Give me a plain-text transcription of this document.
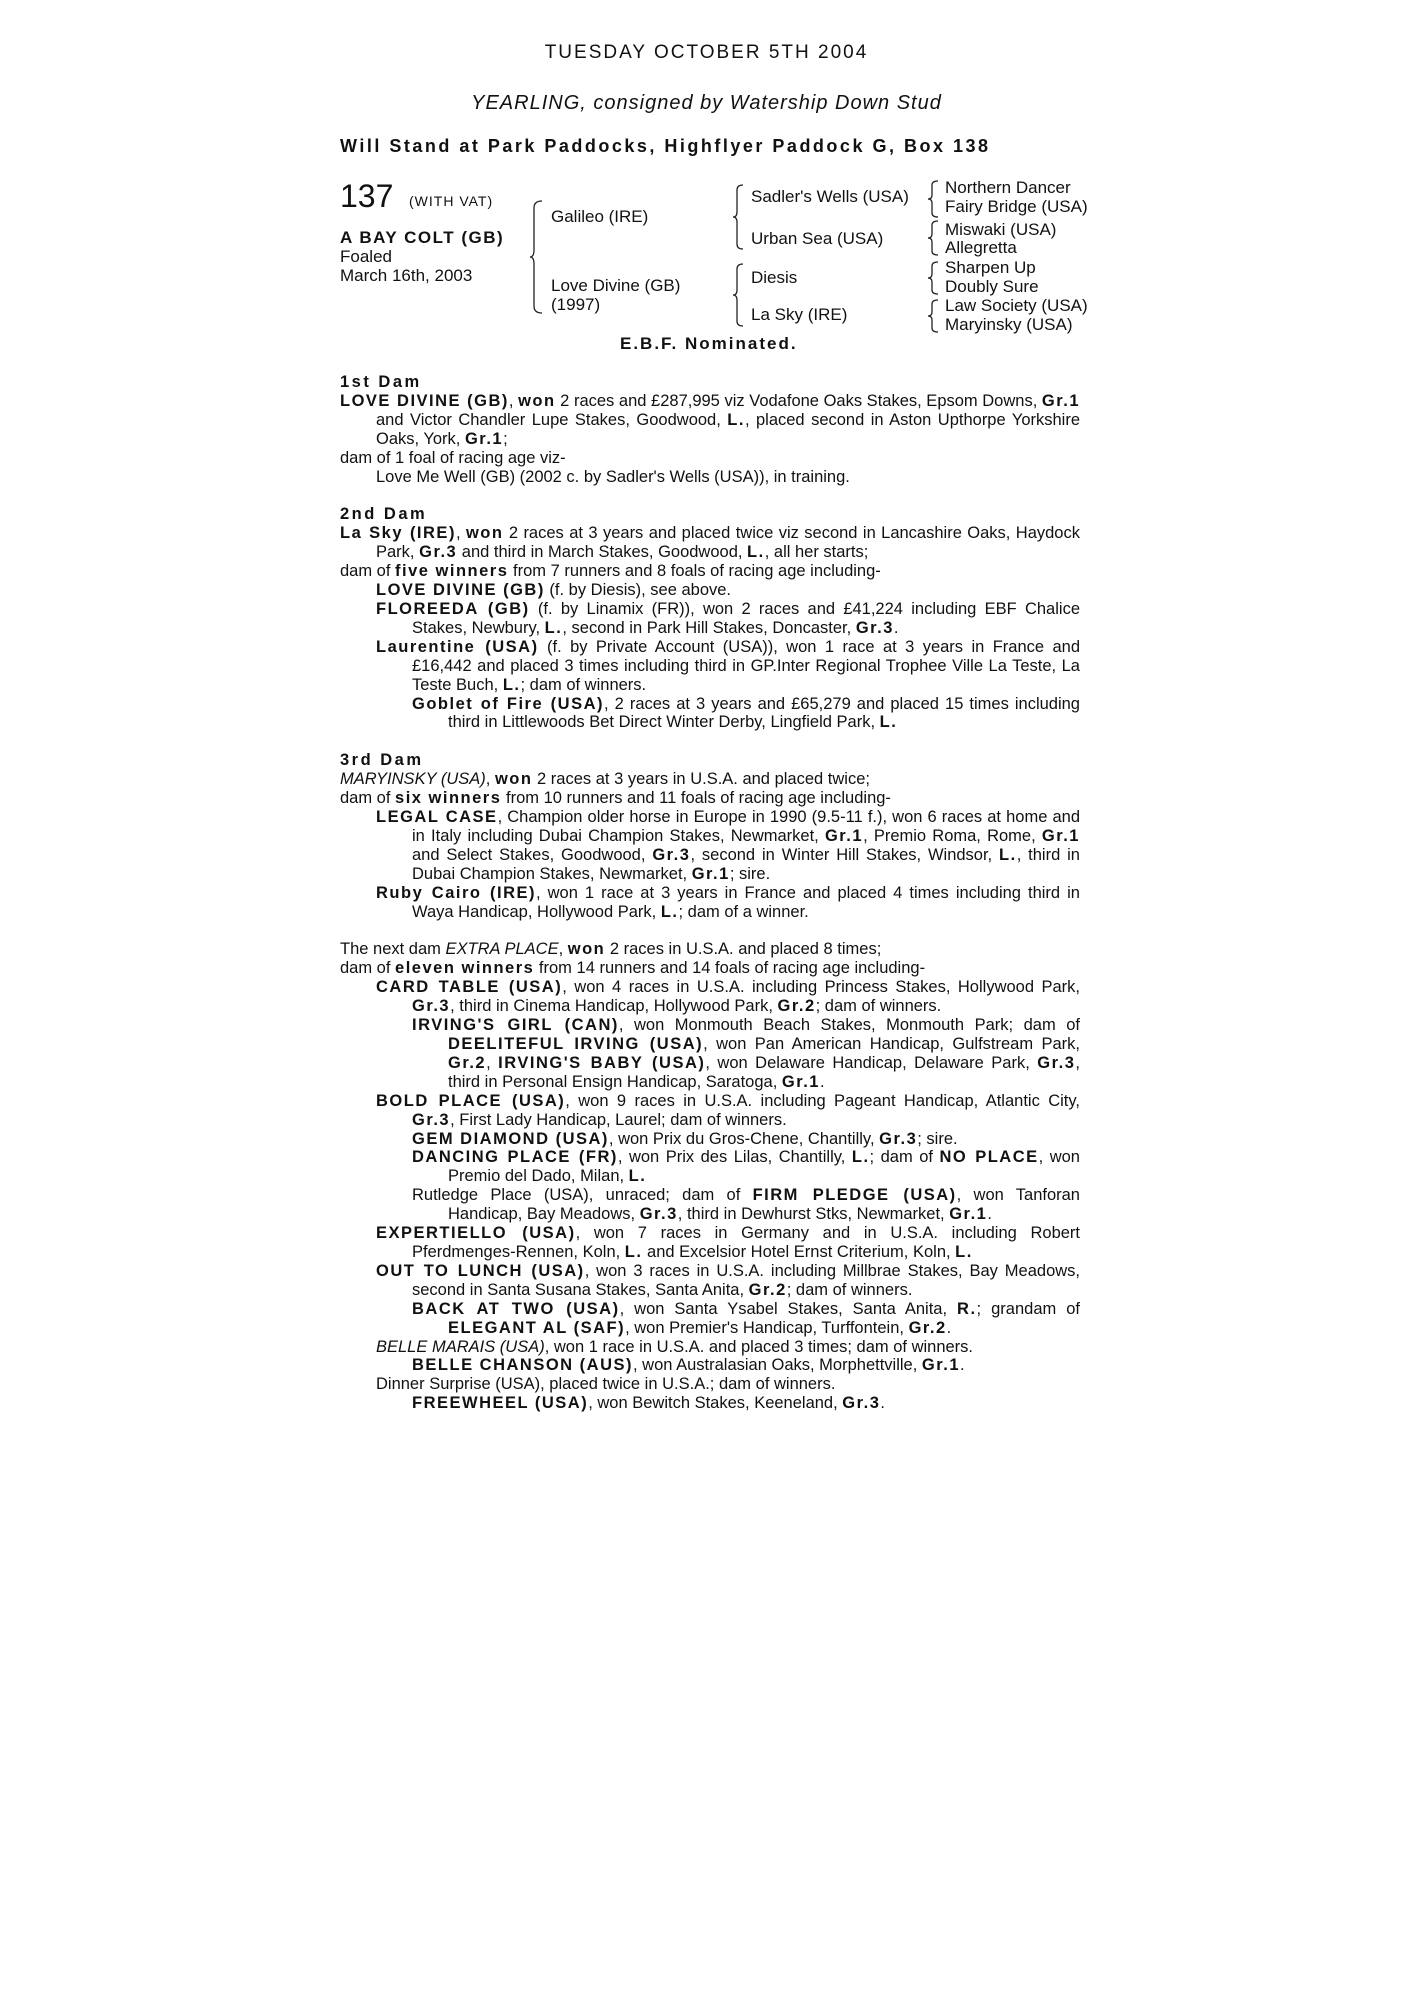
TUESDAY OCTOBER 5TH 2004
YEARLING, consigned by Watership Down Stud
Will Stand at Park Paddocks, Highflyer Paddock G, Box 138
137 (WITH VAT)
A BAY COLT (GB)
Foaled
March 16th, 2003
Galileo (IRE)
Love Divine (GB)
(1997)
Sadler's Wells (USA)
Urban Sea (USA)
Diesis
La Sky (IRE)
Northern Dancer
Fairy Bridge (USA)
Miswaki (USA)
Allegretta
Sharpen Up
Doubly Sure
Law Society (USA)
Maryinsky (USA)
E.B.F. Nominated.

1st Dam

LOVE DIVINE (GB), won 2 races and £287,995 viz Vodafone Oaks Stakes, Epsom Downs, Gr.1 and Victor Chandler Lupe Stakes, Goodwood, L., placed second in Aston Upthorpe Yorkshire Oaks, York, Gr.1;

dam of 1 foal of racing age viz-

Love Me Well (GB) (2002 c. by Sadler's Wells (USA)), in training.

2nd Dam

La Sky (IRE), won 2 races at 3 years and placed twice viz second in Lancashire Oaks, Haydock Park, Gr.3 and third in March Stakes, Goodwood, L., all her starts;

dam of five winners from 7 runners and 8 foals of racing age including-

LOVE DIVINE (GB) (f. by Diesis), see above.

FLOREEDA (GB) (f. by Linamix (FR)), won 2 races and £41,224 including EBF Chalice Stakes, Newbury, L., second in Park Hill Stakes, Doncaster, Gr.3.

Laurentine (USA) (f. by Private Account (USA)), won 1 race at 3 years in France and £16,442 and placed 3 times including third in GP.Inter Regional Trophee Ville La Teste, La Teste Buch, L.; dam of winners.

Goblet of Fire (USA), 2 races at 3 years and £65,279 and placed 15 times including third in Littlewoods Bet Direct Winter Derby, Lingfield Park, L.

3rd Dam

MARYINSKY (USA), won 2 races at 3 years in U.S.A. and placed twice;

dam of six winners from 10 runners and 11 foals of racing age including-

LEGAL CASE, Champion older horse in Europe in 1990 (9.5-11 f.), won 6 races at home and in Italy including Dubai Champion Stakes, Newmarket, Gr.1, Premio Roma, Rome, Gr.1 and Select Stakes, Goodwood, Gr.3, second in Winter Hill Stakes, Windsor, L., third in Dubai Champion Stakes, Newmarket, Gr.1; sire.

Ruby Cairo (IRE), won 1 race at 3 years in France and placed 4 times including third in Waya Handicap, Hollywood Park, L.; dam of a winner.

The next dam EXTRA PLACE, won 2 races in U.S.A. and placed 8 times;

dam of eleven winners from 14 runners and 14 foals of racing age including-

CARD TABLE (USA), won 4 races in U.S.A. including Princess Stakes, Hollywood Park, Gr.3, third in Cinema Handicap, Hollywood Park, Gr.2; dam of winners.

IRVING'S GIRL (CAN), won Monmouth Beach Stakes, Monmouth Park; dam of DEELITEFUL IRVING (USA), won Pan American Handicap, Gulfstream Park, Gr.2, IRVING'S BABY (USA), won Delaware Handicap, Delaware Park, Gr.3, third in Personal Ensign Handicap, Saratoga, Gr.1.

BOLD PLACE (USA), won 9 races in U.S.A. including Pageant Handicap, Atlantic City, Gr.3, First Lady Handicap, Laurel; dam of winners.

GEM DIAMOND (USA), won Prix du Gros-Chene, Chantilly, Gr.3; sire.

DANCING PLACE (FR), won Prix des Lilas, Chantilly, L.; dam of NO PLACE, won Premio del Dado, Milan, L.

Rutledge Place (USA), unraced; dam of FIRM PLEDGE (USA), won Tanforan Handicap, Bay Meadows, Gr.3, third in Dewhurst Stks, Newmarket, Gr.1.

EXPERTIELLO (USA), won 7 races in Germany and in U.S.A. including Robert Pferdmenges-Rennen, Koln, L. and Excelsior Hotel Ernst Criterium, Koln, L.

OUT TO LUNCH (USA), won 3 races in U.S.A. including Millbrae Stakes, Bay Meadows, second in Santa Susana Stakes, Santa Anita, Gr.2; dam of winners.

BACK AT TWO (USA), won Santa Ysabel Stakes, Santa Anita, R.; grandam of ELEGANT AL (SAF), won Premier's Handicap, Turffontein, Gr.2.

BELLE MARAIS (USA), won 1 race in U.S.A. and placed 3 times; dam of winners.

BELLE CHANSON (AUS), won Australasian Oaks, Morphettville, Gr.1.

Dinner Surprise (USA), placed twice in U.S.A.; dam of winners.

FREEWHEEL (USA), won Bewitch Stakes, Keeneland, Gr.3.
